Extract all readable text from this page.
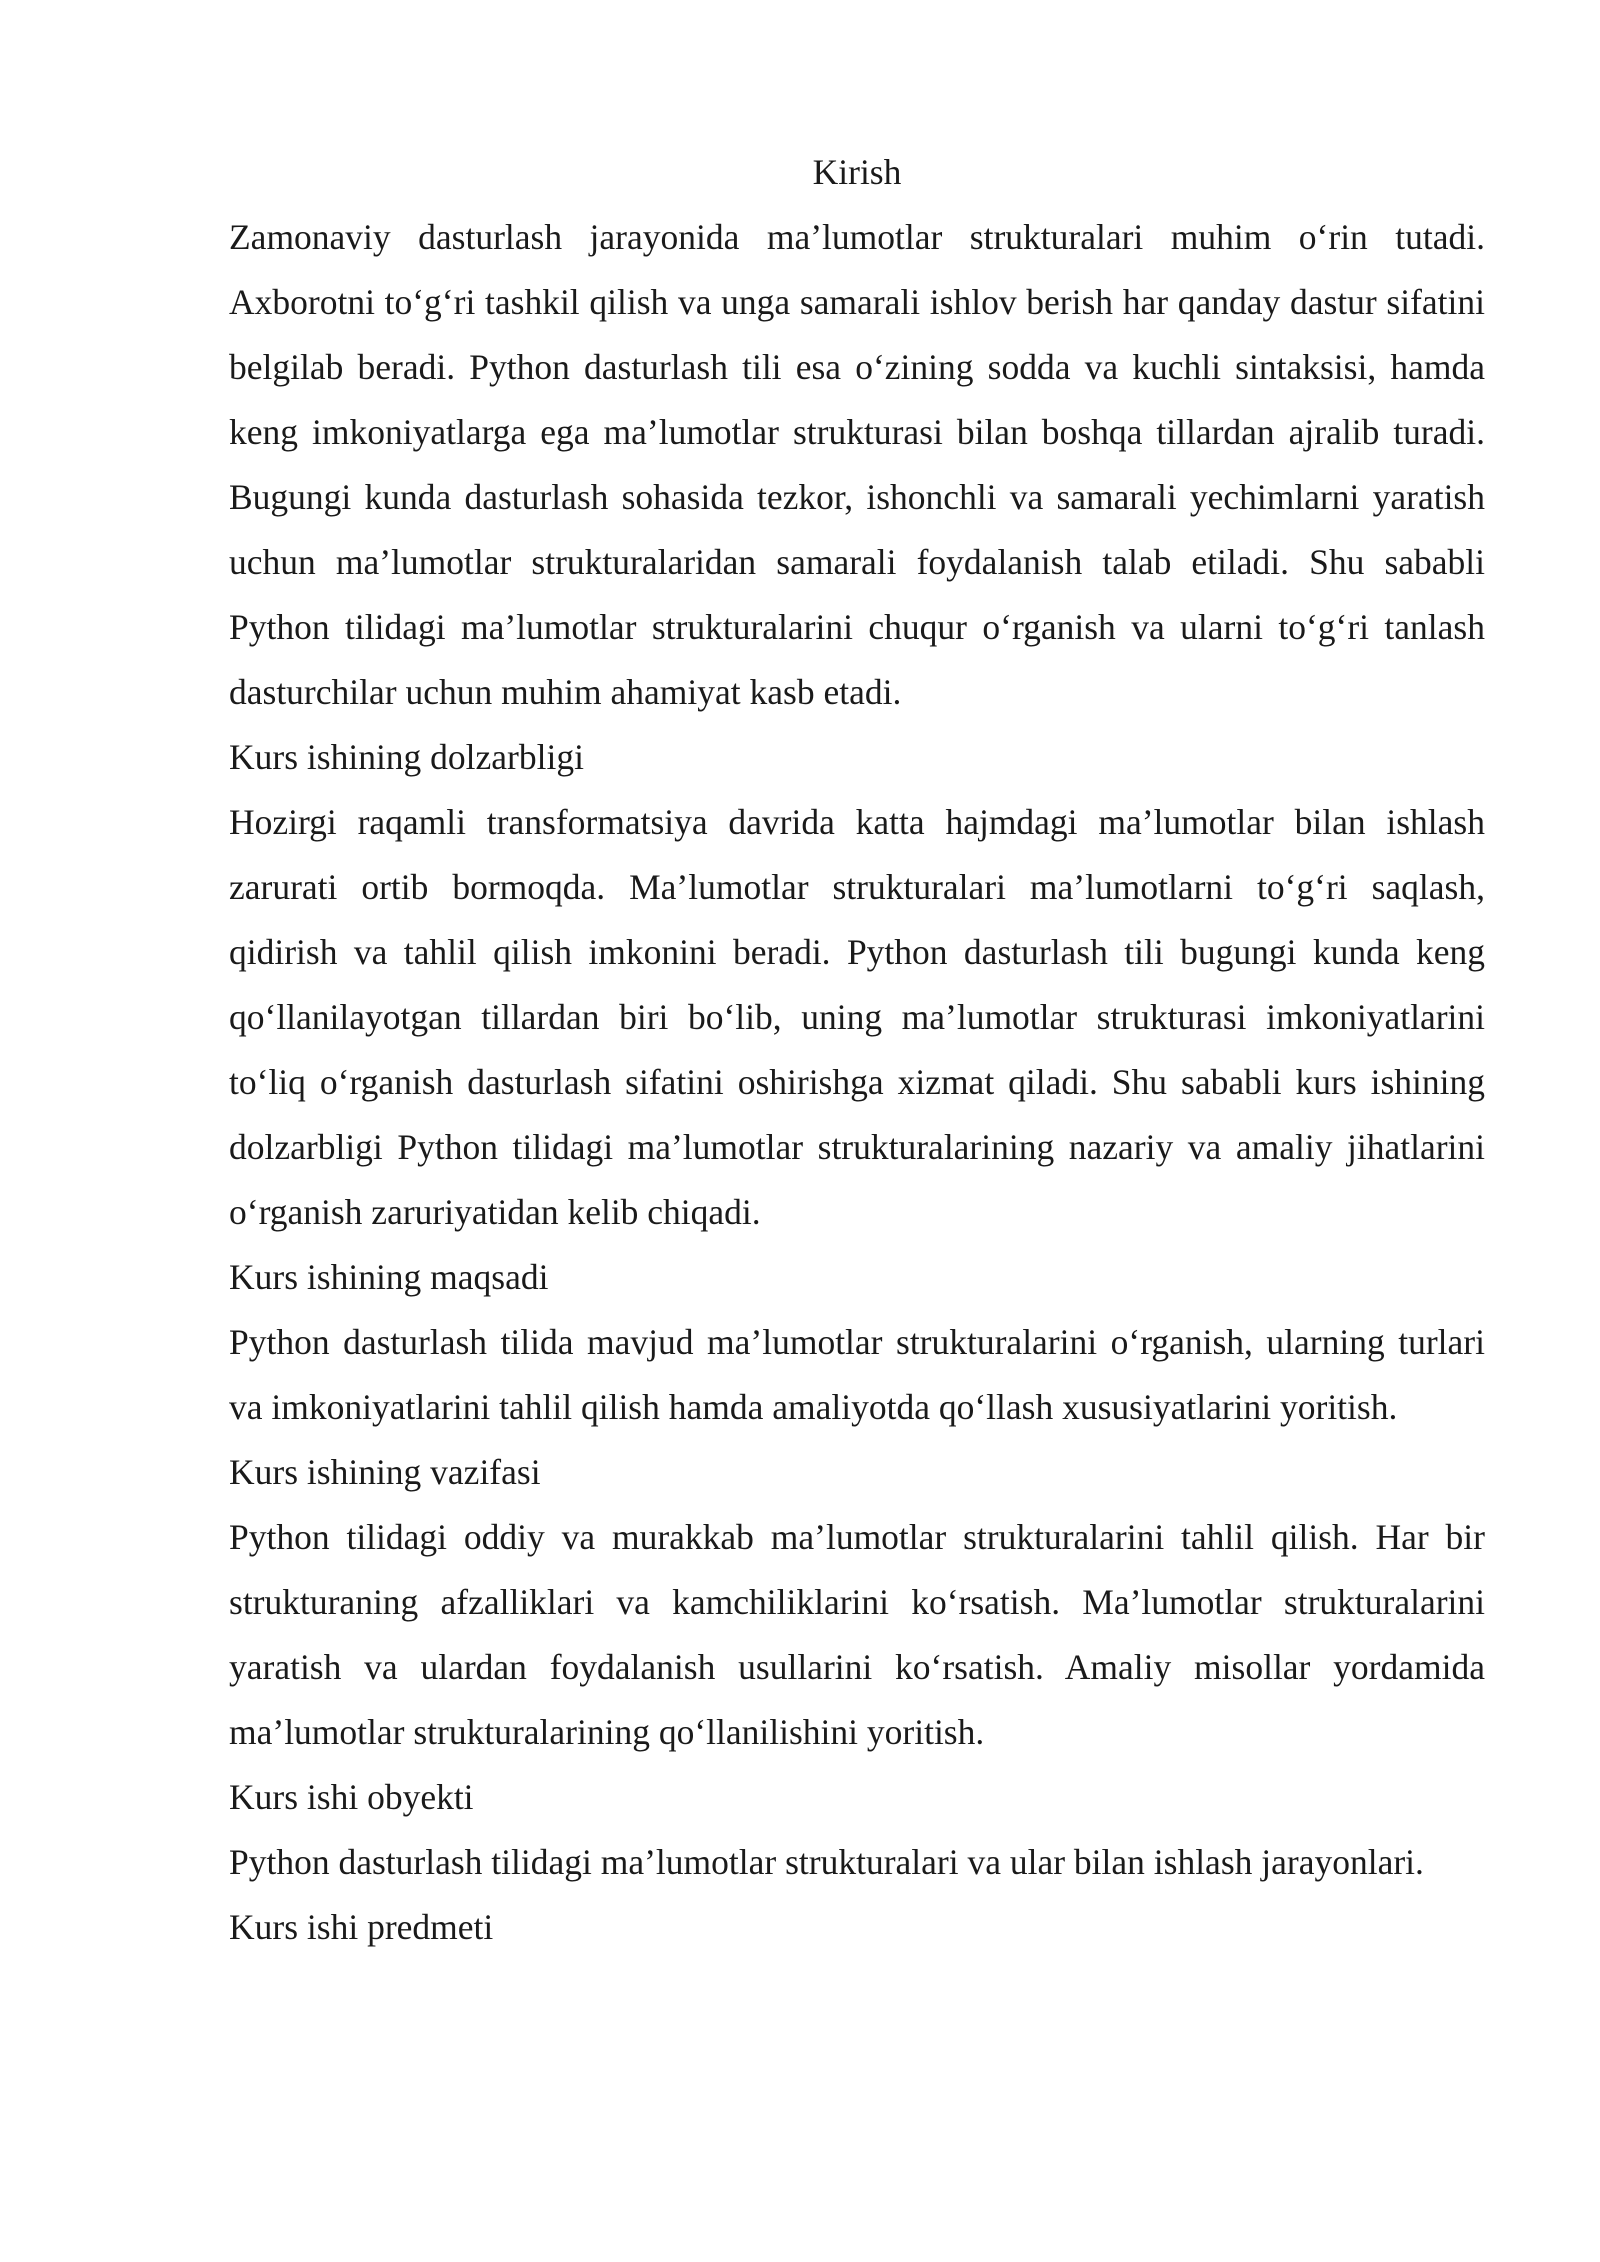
Kirish

Zamonaviy dasturlash jarayonida ma’lumotlar strukturalari muhim o‘rin tutadi. Axborotni to‘g‘ri tashkil qilish va unga samarali ishlov berish har qanday dastur sifatini belgilab beradi. Python dasturlash tili esa o‘zining sodda va kuchli sintaksisi, hamda keng imkoniyatlarga ega ma’lumotlar strukturasi bilan boshqa tillardan ajralib turadi. Bugungi kunda dasturlash sohasida tezkor, ishonchli va samarali yechimlarni yaratish uchun ma’lumotlar strukturalaridan samarali foydalanish talab etiladi. Shu sababli Python tilidagi ma’lumotlar strukturalarini chuqur o‘rganish va ularni to‘g‘ri tanlash dasturchilar uchun muhim ahamiyat kasb etadi.

Kurs ishining dolzarbligi

Hozirgi raqamli transformatsiya davrida katta hajmdagi ma’lumotlar bilan ishlash zarurati ortib bormoqda. Ma’lumotlar strukturalari ma’lumotlarni to‘g‘ri saqlash, qidirish va tahlil qilish imkonini beradi. Python dasturlash tili bugungi kunda keng qo‘llanilayotgan tillardan biri bo‘lib, uning ma’lumotlar strukturasi imkoniyatlarini to‘liq o‘rganish dasturlash sifatini oshirishga xizmat qiladi. Shu sababli kurs ishining dolzarbligi Python tilidagi ma’lumotlar strukturalarining nazariy va amaliy jihatlarini o‘rganish zaruriyatidan kelib chiqadi.

Kurs ishining maqsadi

Python dasturlash tilida mavjud ma’lumotlar strukturalarini o‘rganish, ularning turlari va imkoniyatlarini tahlil qilish hamda amaliyotda qo‘llash xususiyatlarini yoritish.

Kurs ishining vazifasi

Python tilidagi oddiy va murakkab ma’lumotlar strukturalarini tahlil qilish. Har bir strukturaning afzalliklari va kamchiliklarini ko‘rsatish. Ma’lumotlar strukturalarini yaratish va ulardan foydalanish usullarini ko‘rsatish. Amaliy misollar yordamida ma’lumotlar strukturalarining qo‘llanilishini yoritish.

Kurs ishi obyekti

Python dasturlash tilidagi ma’lumotlar strukturalari va ular bilan ishlash jarayonlari.

Kurs ishi predmeti
